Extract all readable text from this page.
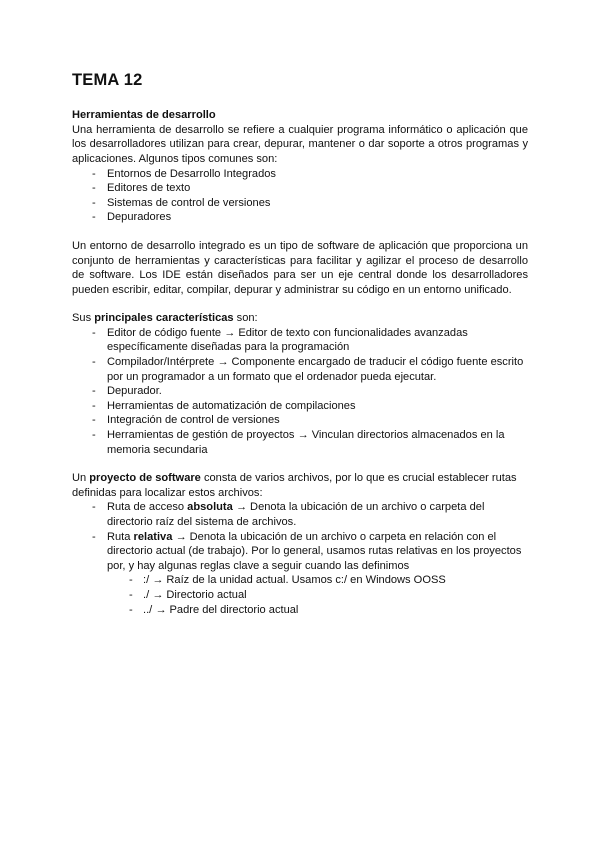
TEMA 12
Herramientas de desarrollo
Una herramienta de desarrollo se refiere a cualquier programa informático o aplicación que
los desarrolladores utilizan para crear, depurar, mantener o dar soporte a otros programas y
aplicaciones. Algunos tipos comunes son:
- Entornos de Desarrollo Integrados
- Editores de texto
- Sistemas de control de versiones
- Depuradores
Un entorno de desarrollo integrado es un tipo de software de aplicación que proporciona un
conjunto de herramientas y características para facilitar y agilizar el proceso de desarrollo
de software. Los IDE están diseñados para ser un eje central donde los desarrolladores
pueden escribir, editar, compilar, depurar y administrar su código en un entorno unificado.
Sus principales características son:
- Editor de código fuente → Editor de texto con funcionalidades avanzadas
específicamente diseñadas para la programación
- Compilador/Intérprete → Componente encargado de traducir el código fuente escrito
por un programador a un formato que el ordenador pueda ejecutar.
- Depurador.
- Herramientas de automatización de compilaciones
- Integración de control de versiones
- Herramientas de gestión de proyectos → Vinculan directorios almacenados en la
memoria secundaria
Un proyecto de software consta de varios archivos, por lo que es crucial establecer rutas
definidas para localizar estos archivos:
- Ruta de acceso absoluta → Denota la ubicación de un archivo o carpeta del
directorio raíz del sistema de archivos.
- Ruta relativa → Denota la ubicación de un archivo o carpeta en relación con el
directorio actual (de trabajo). Por lo general, usamos rutas relativas en los proyectos
por, y hay algunas reglas clave a seguir cuando las definimos
- :/ → Raíz de la unidad actual. Usamos c:/ en Windows OOSS
- ./ → Directorio actual
- ../ → Padre del directorio actual
